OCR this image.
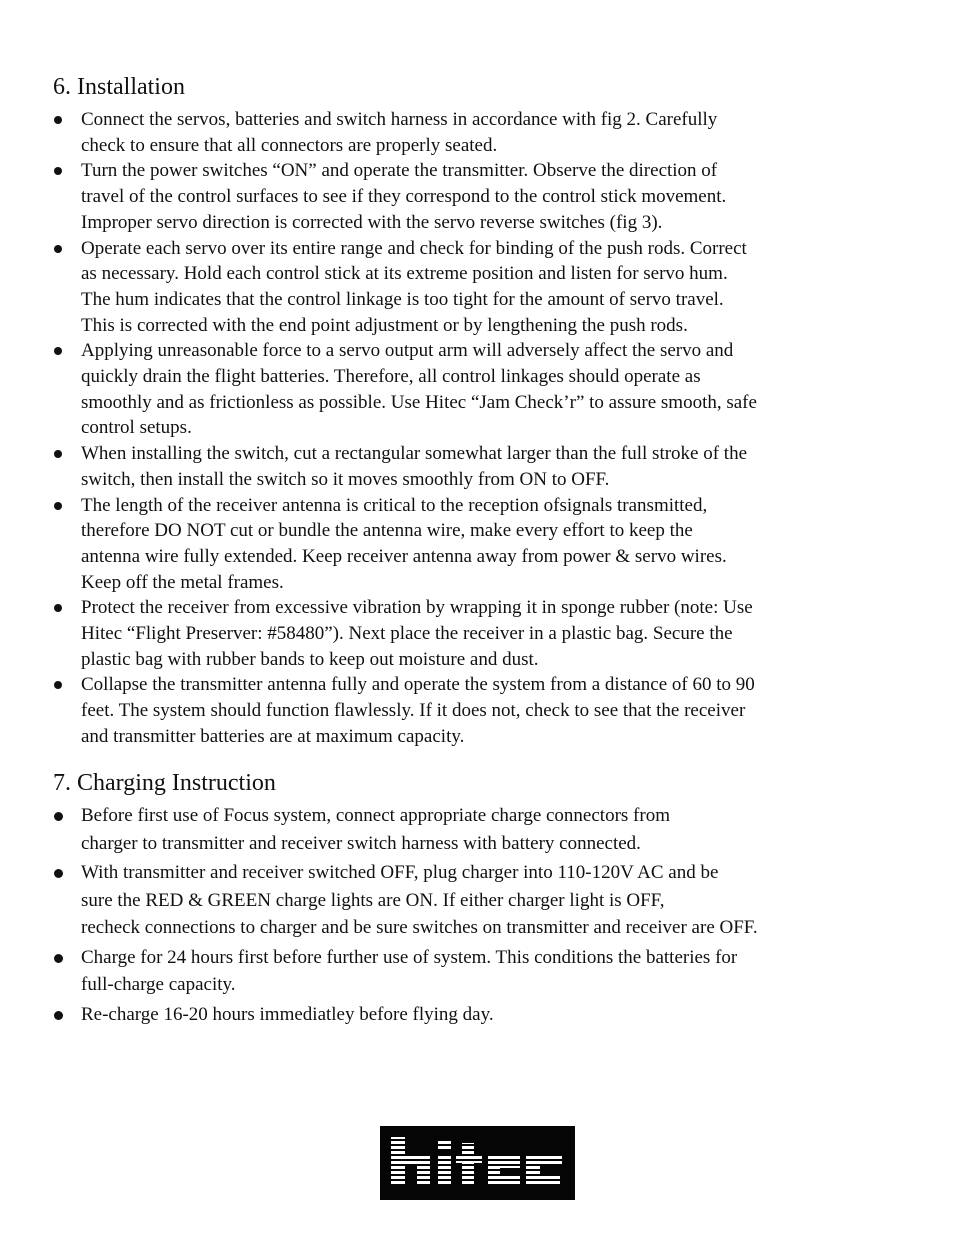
6. Installation
Connect the servos, batteries and switch harness in accordance with fig 2. Carefully
check to ensure that all connectors are properly seated.
Turn the power switches “ON” and operate the transmitter. Observe the direction of
travel of the control surfaces to see if they correspond to the control stick movement.
Improper servo direction is corrected with the servo reverse switches (fig 3).
Operate each servo over its entire range and check for binding of the push rods. Correct
as necessary. Hold each control stick at its extreme position and listen for servo hum.
The hum indicates that the control linkage is too tight for the amount of servo travel.
This is corrected with the end point adjustment or by lengthening the push rods.
Applying unreasonable force to a servo output arm will adversely affect the servo and
quickly drain the flight batteries. Therefore, all control linkages should operate as
smoothly and as frictionless as possible. Use Hitec “Jam Check’r” to assure smooth, safe
control setups.
When installing the switch, cut a rectangular somewhat larger than the full stroke of the
switch, then install the switch so it moves smoothly from ON to OFF.
The length of the receiver antenna is critical to the reception ofsignals transmitted,
therefore DO NOT cut or bundle the antenna wire, make every effort to keep the
antenna wire fully extended. Keep receiver antenna away from power & servo wires.
Keep off the metal frames.
Protect the receiver from excessive vibration by wrapping it in sponge rubber (note: Use
Hitec “Flight Preserver: #58480”). Next place the receiver in a plastic bag. Secure the
plastic bag with rubber bands to keep out moisture and dust.
Collapse the transmitter antenna fully and operate the system from a distance of 60 to 90
feet. The system should function flawlessly. If it does not, check to see that the receiver
and transmitter batteries are at maximum capacity.
7. Charging Instruction
Before first use of Focus system, connect appropriate charge connectors from
charger to transmitter and receiver switch harness with battery connected.
With transmitter and receiver switched OFF, plug charger into 110-120V AC and be
sure the RED & GREEN charge lights are ON. If either charger light is OFF,
recheck connections to charger and be sure switches on transmitter and receiver are OFF.
Charge for 24 hours first before further use of system. This conditions the batteries for
full-charge capacity.
Re-charge 16-20 hours immediatley before flying day.
